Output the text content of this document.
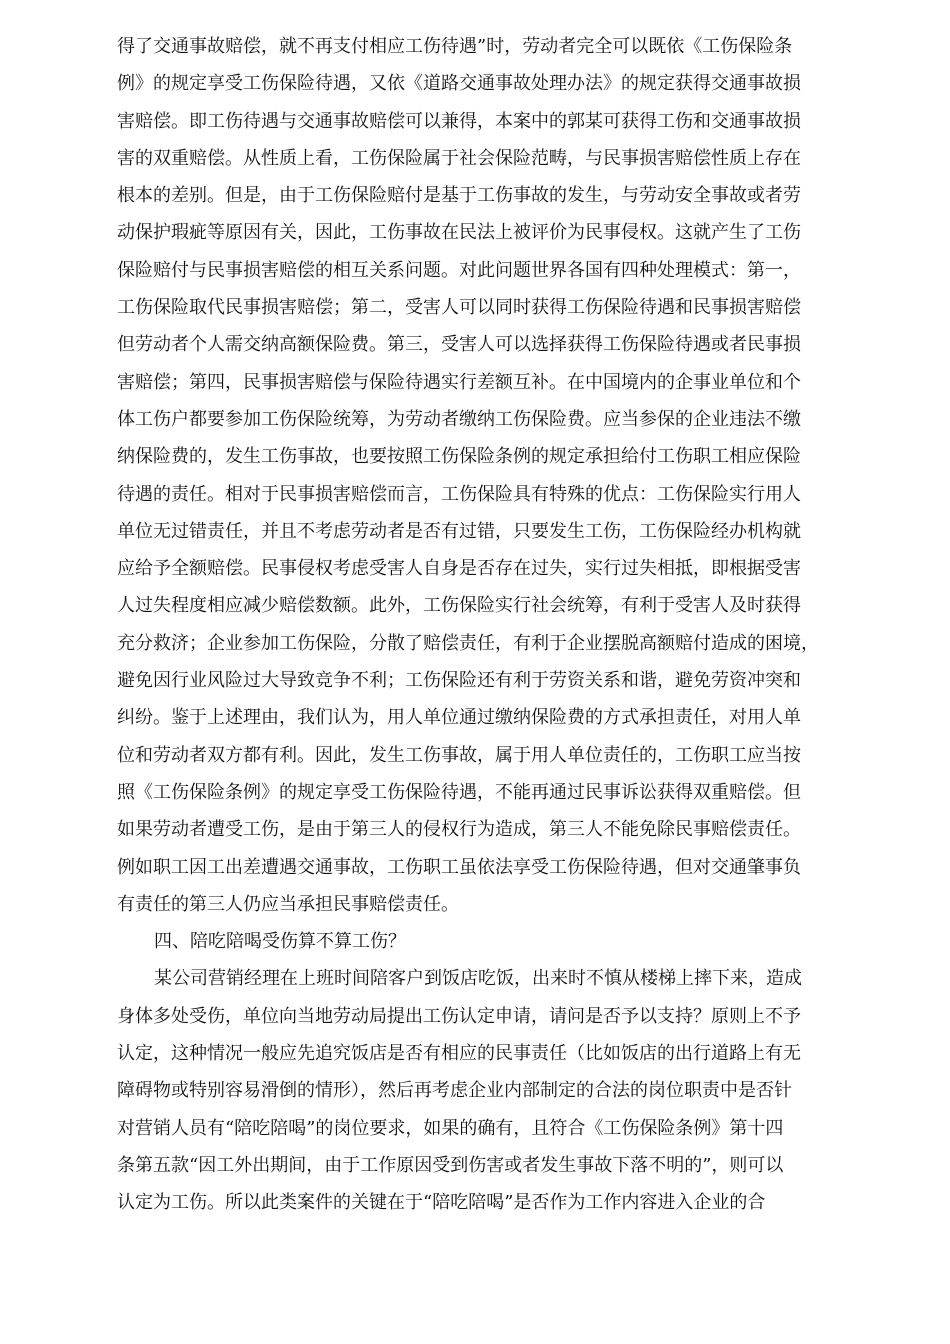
得了交通事故赔偿，就不再支付相应工伤待遇”时，劳动者完全可以既依《工伤保险条
例》的规定享受工伤保险待遇，又依《道路交通事故处理办法》的规定获得交通事故损
害赔偿。即工伤待遇与交通事故赔偿可以兼得，本案中的郭某可获得工伤和交通事故损
害的双重赔偿。从性质上看，工伤保险属于社会保险范畴，与民事损害赔偿性质上存在
根本的差别。但是，由于工伤保险赔付是基于工伤事故的发生，与劳动安全事故或者劳
动保护瑕疵等原因有关，因此，工伤事故在民法上被评价为民事侵权。这就产生了工伤
保险赔付与民事损害赔偿的相互关系问题。对此问题世界各国有四种处理模式：第一，
工伤保险取代民事损害赔偿；第二，受害人可以同时获得工伤保险待遇和民事损害赔偿
但劳动者个人需交纳高额保险费。第三，受害人可以选择获得工伤保险待遇或者民事损
害赔偿；第四，民事损害赔偿与保险待遇实行差额互补。在中国境内的企事业单位和个
体工伤户都要参加工伤保险统筹，为劳动者缴纳工伤保险费。应当参保的企业违法不缴
纳保险费的，发生工伤事故，也要按照工伤保险条例的规定承担给付工伤职工相应保险
待遇的责任。相对于民事损害赔偿而言，工伤保险具有特殊的优点：工伤保险实行用人
单位无过错责任，并且不考虑劳动者是否有过错，只要发生工伤，工伤保险经办机构就
应给予全额赔偿。民事侵权考虑受害人自身是否存在过失，实行过失相抵，即根据受害
人过失程度相应减少赔偿数额。此外，工伤保险实行社会统筹，有利于受害人及时获得
充分救济；企业参加工伤保险，分散了赔偿责任，有利于企业摆脱高额赔付造成的困境，
避免因行业风险过大导致竞争不利；工伤保险还有利于劳资关系和谐，避免劳资冲突和
纠纷。鉴于上述理由，我们认为，用人单位通过缴纳保险费的方式承担责任，对用人单
位和劳动者双方都有利。因此，发生工伤事故，属于用人单位责任的，工伤职工应当按
照《工伤保险条例》的规定享受工伤保险待遇，不能再通过民事诉讼获得双重赔偿。但
如果劳动者遭受工伤，是由于第三人的侵权行为造成，第三人不能免除民事赔偿责任。
例如职工因工出差遭遇交通事故，工伤职工虽依法享受工伤保险待遇，但对交通肇事负
有责任的第三人仍应当承担民事赔偿责任。
四、陪吃陪喝受伤算不算工伤？
某公司营销经理在上班时间陪客户到饭店吃饭，出来时不慎从楼梯上摔下来，造成
身体多处受伤，单位向当地劳动局提出工伤认定申请，请问是否予以支持？原则上不予
认定，这种情况一般应先追究饭店是否有相应的民事责任（比如饭店的出行道路上有无
障碍物或特别容易滑倒的情形），然后再考虑企业内部制定的合法的岗位职责中是否针
对营销人员有“陪吃陪喝”的岗位要求，如果的确有，且符合《工伤保险条例》第十四
条第五款“因工外出期间，由于工作原因受到伤害或者发生事故下落不明的”，则可以
认定为工伤。所以此类案件的关键在于“陪吃陪喝”是否作为工作内容进入企业的合
